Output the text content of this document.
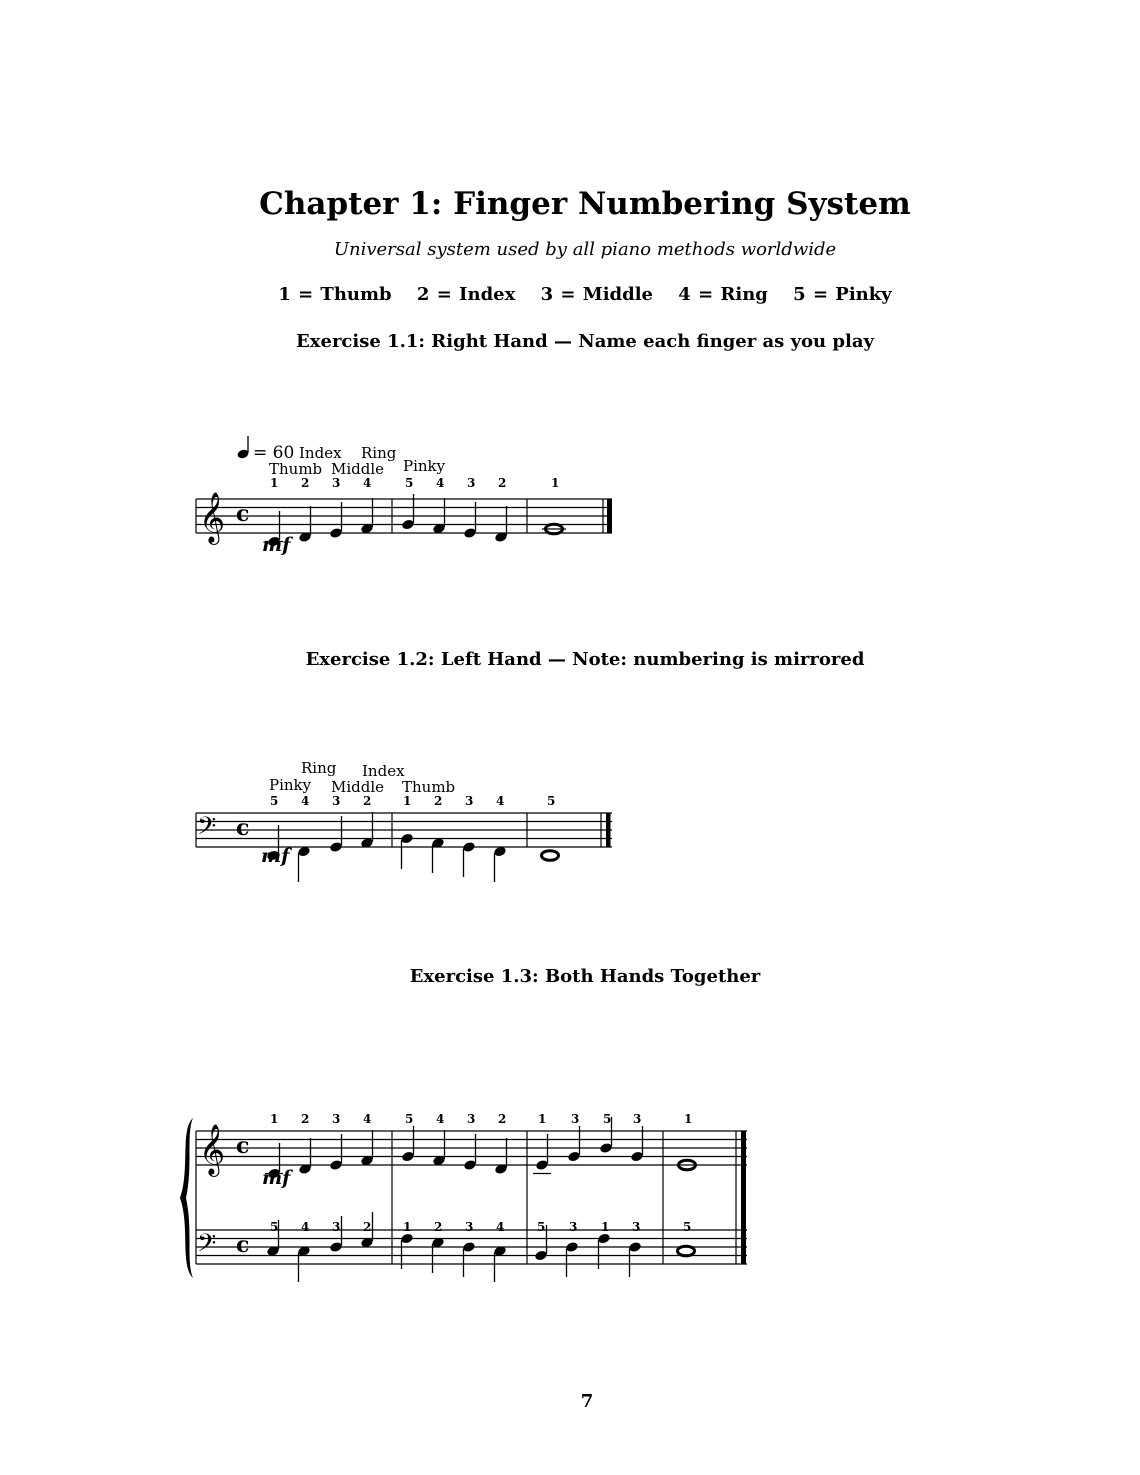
Chapter 1: Finger Numbering System
Universal system used by all piano methods worldwide
1 = Thumb 2 = Index 3 = Middle 4 = Ring 5 = Pinky
Exercise 1.1: Right Hand — Name each finger as you play
Exercise 1.2: Left Hand — Note: numbering is mirrored
Exercise 1.3: Both Hands Together
7
𝄞 c
= 60
Thumb
Index
Middle
Ring
Pinky
1 2 3 4	5 4 3 2	1
mf
𝄢 c
Pinky
Ring
Middle
Index
Thumb
5 4 3 2	1 2 3 4	5
mf
𝄞 c
𝄢 c
1 2 3 4	5 4 3 2	1 3 5 3	1
mf
5 4 3 2	1 2 3 4	5 3 1 3	5
